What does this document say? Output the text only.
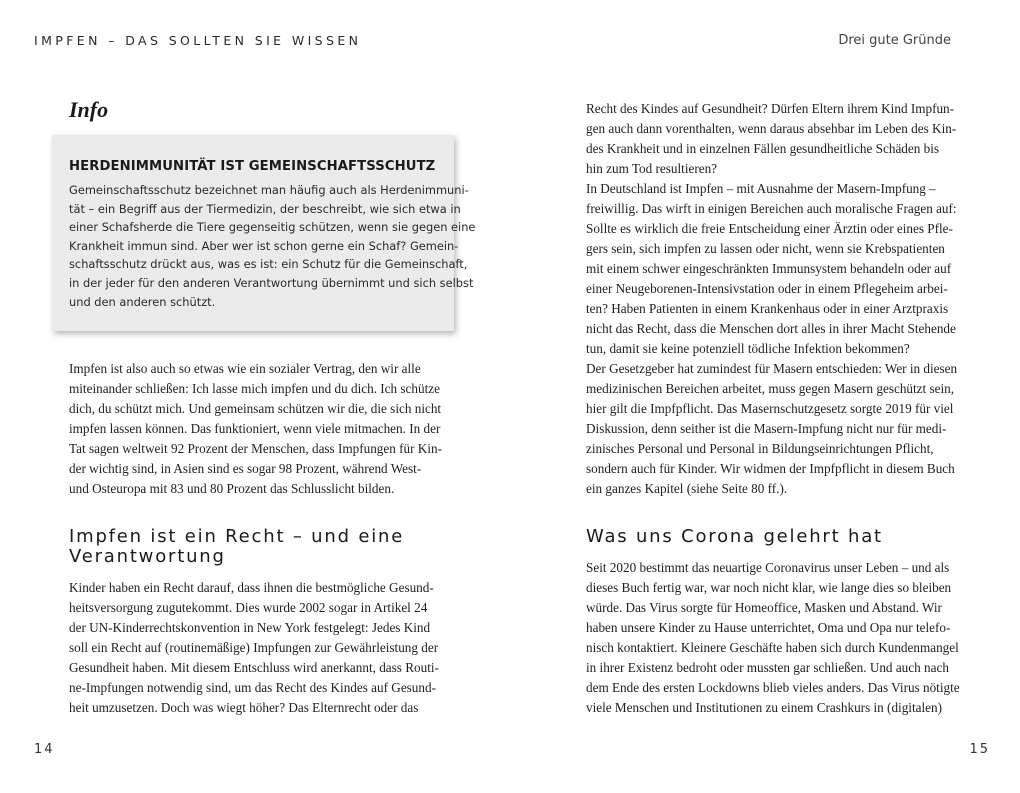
IMPFEN – DAS SOLLTEN SIE WISSEN
Info
HERDENIMMUNITÄT IST GEMEINSCHAFTSSCHUTZ

Gemeinschaftsschutz bezeichnet man häufig auch als Herdenimmuni-
tät – ein Begriff aus der Tiermedizin, der beschreibt, wie sich etwa in
einer Schafsherde die Tiere gegenseitig schützen, wenn sie gegen eine
Krankheit immun sind. Aber wer ist schon gerne ein Schaf? Gemein-
schaftsschutz drückt aus, was es ist: ein Schutz für die Gemeinschaft,
in der jeder für den anderen Verantwortung übernimmt und sich selbst
und den anderen schützt.

Impfen ist also auch so etwas wie ein sozialer Vertrag, den wir alle
miteinander schließen: Ich lasse mich impfen und du dich. Ich schütze
dich, du schützt mich. Und gemeinsam schützen wir die, die sich nicht
impfen lassen können. Das funktioniert, wenn viele mitmachen. In der
Tat sagen weltweit 92 Prozent der Menschen, dass Impfungen für Kin-
der wichtig sind, in Asien sind es sogar 98 Prozent, während West-
und Osteuropa mit 83 und 80 Prozent das Schlusslicht bilden.

Impfen ist ein Recht – und eine
Verantwortung

Kinder haben ein Recht darauf, dass ihnen die bestmögliche Gesund-
heitsversorgung zugutekommt. Dies wurde 2002 sogar in Artikel 24
der UN-Kinderrechtskonvention in New York festgelegt: Jedes Kind
soll ein Recht auf (routinemäßige) Impfungen zur Gewährleistung der
Gesundheit haben. Mit diesem Entschluss wird anerkannt, dass Routi-
ne-Impfungen notwendig sind, um das Recht des Kindes auf Gesund-
heit umzusetzen. Doch was wiegt höher? Das Elternrecht oder das

14
Drei gute Gründe

Recht des Kindes auf Gesundheit? Dürfen Eltern ihrem Kind Impfun-
gen auch dann vorenthalten, wenn daraus absehbar im Leben des Kin-
des Krankheit und in einzelnen Fällen gesundheitliche Schäden bis
hin zum Tod resultieren?
In Deutschland ist Impfen – mit Ausnahme der Masern-Impfung –
freiwillig. Das wirft in einigen Bereichen auch moralische Fragen auf:
Sollte es wirklich die freie Entscheidung einer Ärztin oder eines Pfle-
gers sein, sich impfen zu lassen oder nicht, wenn sie Krebspatienten
mit einem schwer eingeschränkten Immunsystem behandeln oder auf
einer Neugeborenen-Intensivstation oder in einem Pflegeheim arbei-
ten? Haben Patienten in einem Krankenhaus oder in einer Arztpraxis
nicht das Recht, dass die Menschen dort alles in ihrer Macht Stehende
tun, damit sie keine potenziell tödliche Infektion bekommen?
Der Gesetzgeber hat zumindest für Masern entschieden: Wer in diesen
medizinischen Bereichen arbeitet, muss gegen Masern geschützt sein,
hier gilt die Impfpflicht. Das Masernschutzgesetz sorgte 2019 für viel
Diskussion, denn seither ist die Masern-Impfung nicht nur für medi-
zinisches Personal und Personal in Bildungseinrichtungen Pflicht,
sondern auch für Kinder. Wir widmen der Impfpflicht in diesem Buch
ein ganzes Kapitel (siehe Seite 80 ff.).

Was uns Corona gelehrt hat

Seit 2020 bestimmt das neuartige Coronavirus unser Leben – und als
dieses Buch fertig war, war noch nicht klar, wie lange dies so bleiben
würde. Das Virus sorgte für Homeoffice, Masken und Abstand. Wir
haben unsere Kinder zu Hause unterrichtet, Oma und Opa nur telefo-
nisch kontaktiert. Kleinere Geschäfte haben sich durch Kundenmangel
in ihrer Existenz bedroht oder mussten gar schließen. Und auch nach
dem Ende des ersten Lockdowns blieb vieles anders. Das Virus nötigte
viele Menschen und Institutionen zu einem Crashkurs in (digitalen)

15
